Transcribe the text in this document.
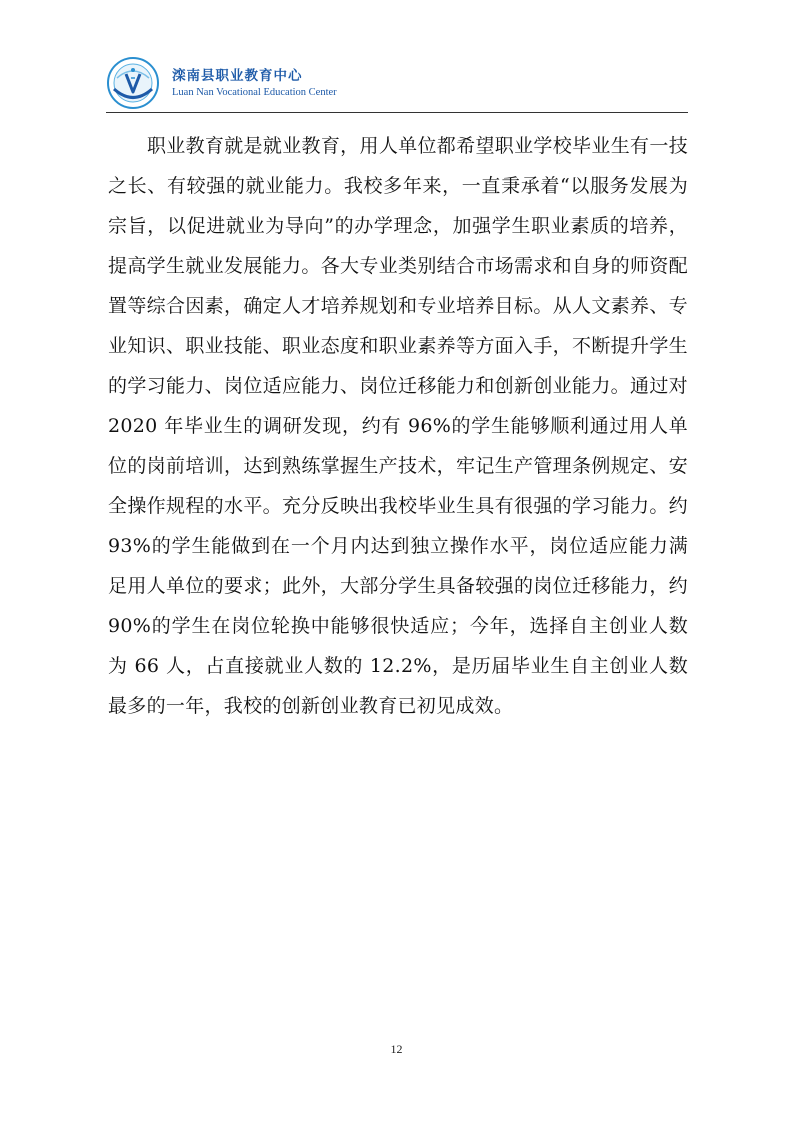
滦南县职业教育中心
Luan Nan Vocational Education Center

职业教育就是就业教育，用人单位都希望职业学校毕业生有一技之长、有较强的就业能力。我校多年来，一直秉承着“以服务发展为宗旨，以促进就业为导向”的办学理念，加强学生职业素质的培养，提高学生就业发展能力。各大专业类别结合市场需求和自身的师资配置等综合因素，确定人才培养规划和专业培养目标。从人文素养、专业知识、职业技能、职业态度和职业素养等方面入手，不断提升学生的学习能力、岗位适应能力、岗位迁移能力和创新创业能力。通过对 2020 年毕业生的调研发现，约有 96%的学生能够顺利通过用人单位的岗前培训，达到熟练掌握生产技术，牢记生产管理条例规定、安全操作规程的水平。充分反映出我校毕业生具有很强的学习能力。约 93%的学生能做到在一个月内达到独立操作水平，岗位适应能力满足用人单位的要求；此外，大部分学生具备较强的岗位迁移能力，约 90%的学生在岗位轮换中能够很快适应；今年，选择自主创业人数为 66 人，占直接就业人数的 12.2%，是历届毕业生自主创业人数最多的一年，我校的创新创业教育已初见成效。

12
